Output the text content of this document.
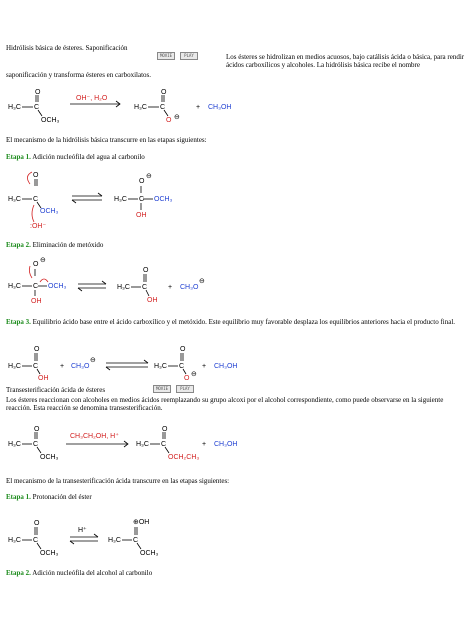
Hidrólisis básica de ésteres. Saponificación
MOVIE	PLAY	Los ésteres se hidrolizan en medios acuosos, bajo catálisis ácida o básica, para rendir ácidos carboxílicos y alcoholes. La hidrólisis básica recibe el nombre
saponificación y transforma ésteres en carboxilatos.
H₃C C
O
OCH₃
OH⁻, H₂O
H₃C C
O
O ⊖
+ CH₃OH
El mecanismo de la hidrólisis básica transcurre en las etapas siguientes:
Etapa 1. Adición nucleófila del agua al carbonilo
O
H₃C C
OCH₃
:OH⁻
H₃C C
O
⊖
OCH₃
OH
Etapa 2. Eliminación de metóxido
O
⊖
H₃C C OCH₃
OH
H₃C C
O
OH
+ CH₃O
⊖
Etapa 3. Equilibrio ácido base entre el ácido carboxílico y el metóxido. Este equilibrio muy favorable desplaza los equilibrios anteriores hacia el producto final.
H₃C C
O
OH
+ CH₃O
⊖
H₃C C
O
O
⊖
+ CH₃OH
Transesterificación ácida de ésteres	MOVIE	PLAY
Los ésteres reaccionan con alcoholes en medios ácidos reemplazando su grupo alcoxi por el alcohol correspondiente, como puede observarse en la siguiente reacción. Esta reacción se denomina transesterificación.
H₃C C
O
OCH₃
CH₃CH₂OH, H⁺
H₃C C
O
OCH₂CH₃
+ CH₃OH
El mecanismo de la transesterificación ácida transcurre en las etapas siguientes:
Etapa 1. Protonación del éster
H₃C C
O
OCH₃
H⁺
H₃C C
⊕OH
OCH₃
Etapa 2. Adición nucleófila del alcohol al carbonilo
